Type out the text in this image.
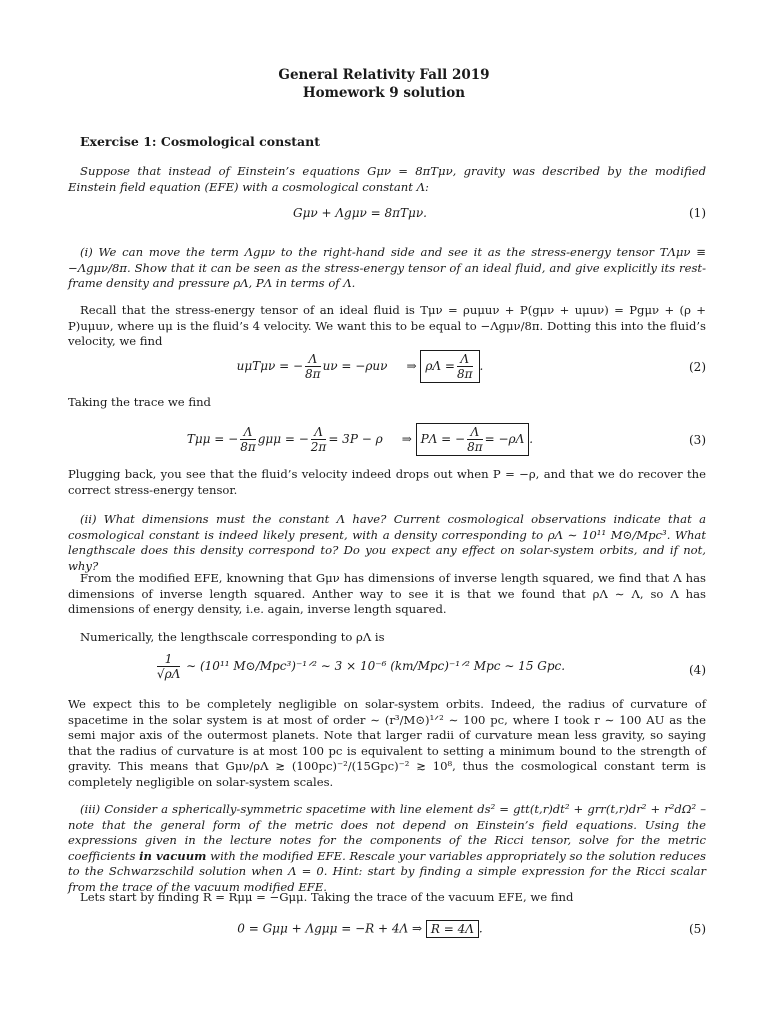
General Relativity Fall 2019
Homework 9 solution
Exercise 1: Cosmological constant
Suppose that instead of Einstein’s equations Gμν = 8πTμν, gravity was described by the modified Einstein field equation (EFE) with a cosmological constant Λ:
Gμν + Λgμν = 8πTμν.	(1)
(i) We can move the term Λgμν to the right-hand side and see it as the stress-energy tensor TΛμν ≡ −Λgμν/8π. Show that it can be seen as the stress-energy tensor of an ideal fluid, and give explicitly its rest-frame density and pressure ρΛ, PΛ in terms of Λ.
Recall that the stress-energy tensor of an ideal fluid is Tμν = ρuμuν + P(gμν + uμuν) = Pgμν + (ρ + P)uμuν, where uμ is the fluid’s 4 velocity. We want this to be equal to −Λgμν/8π. Dotting this into the fluid’s velocity, we find
uμTμν = − $\frac{\Lambda}{8\pi}$ uν = −ρuν ⇒ $\rho\Lambda = \frac{\Lambda}{8\pi}$ .	(2)
Taking the trace we find
Tμμ = − $\frac{\Lambda}{8\pi}$ gμμ = − $\frac{\Lambda}{2\pi} = 3P - \rho$ ⇒ PΛ = − $\frac{\Lambda}{8\pi} = -\rho\Lambda$ .	(3)
Plugging back, you see that the fluid’s velocity indeed drops out when P = −ρ, and that we do recover the correct stress-energy tensor.
(ii) What dimensions must the constant Λ have? Current cosmological observations indicate that a cosmological constant is indeed likely present, with a density corresponding to ρΛ ∼ 10¹¹ M⊙/Mpc³. What lengthscale does this density correspond to? Do you expect any effect on solar-system orbits, and if not, why?
From the modified EFE, knowning that Gμν has dimensions of inverse length squared, we find that Λ has dimensions of inverse length squared. Anther way to see it is that we found that ρΛ ∼ Λ, so Λ has dimensions of energy density, i.e. again, inverse length squared.
Numerically, the lengthscale corresponding to ρΛ is
$\frac{1}{√\rho\Lambda}$ ∼ (10¹¹ M⊙/Mpc³)⁻¹ᐟ² ∼ 3 × 10⁻⁶ (km/Mpc)⁻¹ᐟ² Mpc ∼ 15 Gpc.	(4)
We expect this to be completely negligible on solar-system orbits. Indeed, the radius of curvature of spacetime in the solar system is at most of order ∼ (r³/M⊙)¹ᐟ² ∼ 100 pc, where I took r ∼ 100 AU as the semi major axis of the outermost planets. Note that larger radii of curvature mean less gravity, so saying that the radius of curvature is at most 100 pc is equivalent to setting a minimum bound to the strength of gravity. This means that Gμν/ρΛ ≳ (100pc)⁻²/(15Gpc)⁻² ≳ 10⁸, thus the cosmological constant term is completely negligible on solar-system scales.
(iii) Consider a spherically-symmetric spacetime with line element ds² = gtt(t,r)dt² + grr(t,r)dr² + r²dΩ² – note that the general form of the metric does not depend on Einstein’s field equations. Using the expressions given in the lecture notes for the components of the Ricci tensor, solve for the metric coefficients in vacuum with the modified EFE. Rescale your variables appropriately so the solution reduces to the Schwarzschild solution when Λ = 0. Hint: start by finding a simple expression for the Ricci scalar from the trace of the vacuum modified EFE.
Lets start by finding R = Rμμ = −Gμμ. Taking the trace of the vacuum EFE, we find
0 = Gμμ + Λgμμ = −R + 4Λ ⇒ R = 4Λ .	(5)
